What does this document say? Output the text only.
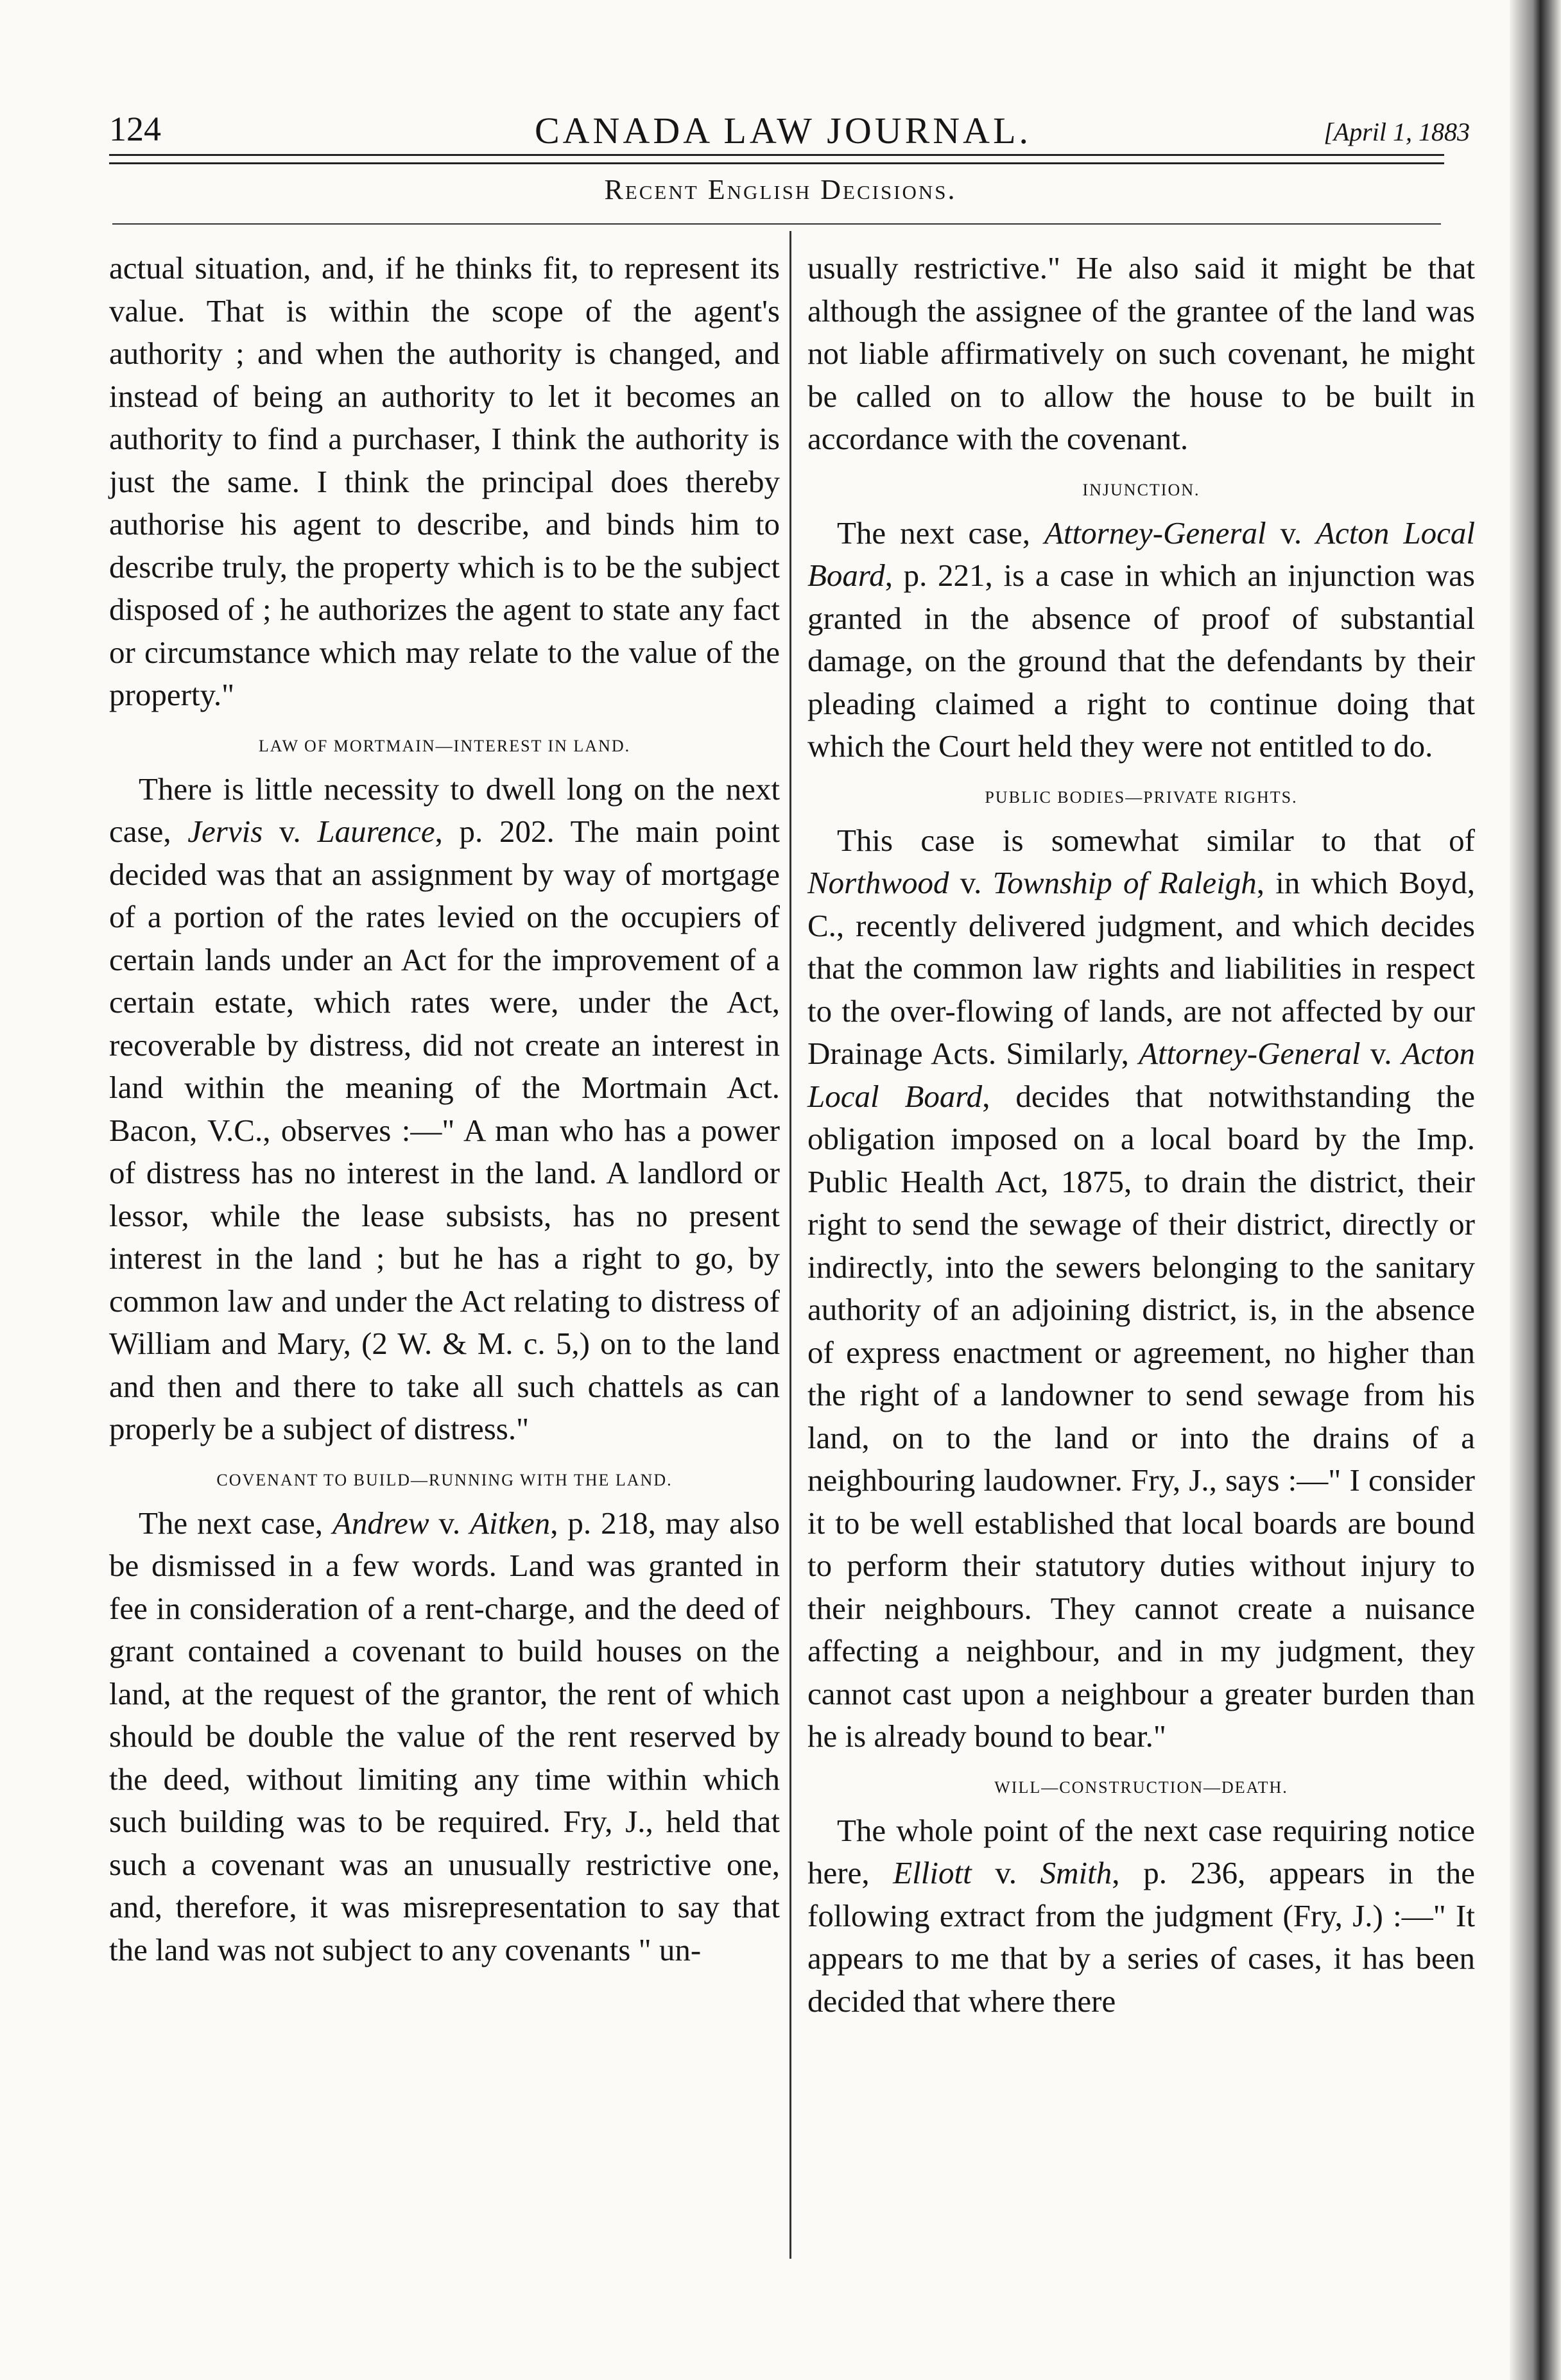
124	CANADA LAW JOURNAL.	[April 1, 1883
Recent English Decisions.

actual situation, and, if he thinks fit, to represent its value. That is within the scope of the agent's authority ; and when the authority is changed, and instead of being an authority to let it becomes an authority to find a purchaser, I think the authority is just the same. I think the principal does thereby authorise his agent to describe, and binds him to describe truly, the property which is to be the subject disposed of ; he authorizes the agent to state any fact or circumstance which may relate to the value of the property."

LAW OF MORTMAIN—INTEREST IN LAND.

There is little necessity to dwell long on the next case, Jervis v. Laurence, p. 202. The main point decided was that an assignment by way of mortgage of a portion of the rates levied on the occupiers of certain lands under an Act for the improvement of a certain estate, which rates were, under the Act, recoverable by distress, did not create an interest in land within the meaning of the Mortmain Act. Bacon, V.C., observes :—" A man who has a power of distress has no interest in the land. A landlord or lessor, while the lease subsists, has no present interest in the land ; but he has a right to go, by common law and under the Act relating to distress of William and Mary, (2 W. & M. c. 5,) on to the land and then and there to take all such chattels as can properly be a subject of distress."

COVENANT TO BUILD—RUNNING WITH THE LAND.

The next case, Andrew v. Aitken, p. 218, may also be dismissed in a few words. Land was granted in fee in consideration of a rent-charge, and the deed of grant contained a covenant to build houses on the land, at the request of the grantor, the rent of which should be double the value of the rent reserved by the deed, without limiting any time within which such building was to be required. Fry, J., held that such a covenant was an unusually restrictive one, and, therefore, it was misrepresentation to say that the land was not subject to any covenants " un-

usually restrictive." He also said it might be that although the assignee of the grantee of the land was not liable affirmatively on such covenant, he might be called on to allow the house to be built in accordance with the covenant.

INJUNCTION.

The next case, Attorney-General v. Acton Local Board, p. 221, is a case in which an injunction was granted in the absence of proof of substantial damage, on the ground that the defendants by their pleading claimed a right to continue doing that which the Court held they were not entitled to do.

PUBLIC BODIES—PRIVATE RIGHTS.

This case is somewhat similar to that of Northwood v. Township of Raleigh, in which Boyd, C., recently delivered judgment, and which decides that the common law rights and liabilities in respect to the over-flowing of lands, are not affected by our Drainage Acts. Similarly, Attorney-General v. Acton Local Board, decides that notwithstanding the obligation imposed on a local board by the Imp. Public Health Act, 1875, to drain the district, their right to send the sewage of their district, directly or indirectly, into the sewers belonging to the sanitary authority of an adjoining district, is, in the absence of express enactment or agreement, no higher than the right of a landowner to send sewage from his land, on to the land or into the drains of a neighbouring laudowner. Fry, J., says :—" I consider it to be well established that local boards are bound to perform their statutory duties without injury to their neighbours. They cannot create a nuisance affecting a neighbour, and in my judgment, they cannot cast upon a neighbour a greater burden than he is already bound to bear."

WILL—CONSTRUCTION—DEATH.

The whole point of the next case requiring notice here, Elliott v. Smith, p. 236, appears in the following extract from the judgment (Fry, J.) :—" It appears to me that by a series of cases, it has been decided that where there
